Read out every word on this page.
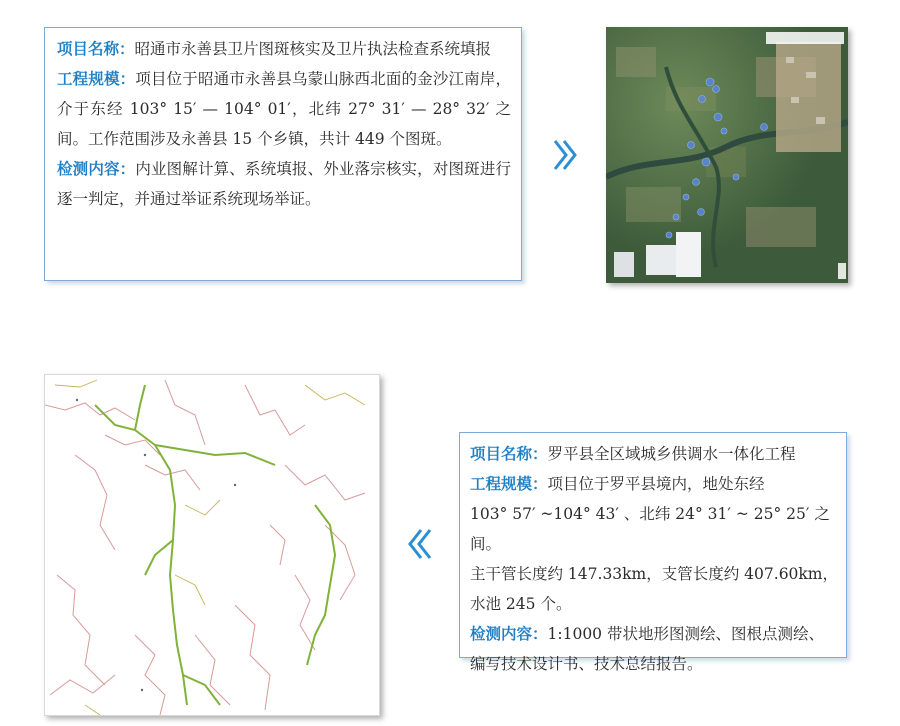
项目名称：昭通市永善县卫片图斑核实及卫片执法检查系统填报

工程规模：项目位于昭通市永善县乌蒙山脉西北面的金沙江南岸，介于东经 103° 15′ — 104° 01′，北纬 27° 31′ — 28° 32′ 之间。工作范围涉及永善县 15 个乡镇，共计 449 个图斑。

检测内容：内业图解计算、系统填报、外业落宗核实，对图斑进行逐一判定，并通过举证系统现场举证。

项目名称：罗平县全区域城乡供调水一体化工程

工程规模：项目位于罗平县境内，地处东经

103° 57′ ~104° 43′ 、北纬 24° 31′ ~ 25° 25′ 之间。

主干管长度约 147.33km，支管长度约 407.60km，

水池 245 个。

检测内容：1:1000 带状地形图测绘、图根点测绘、

编写技术设计书、技术总结报告。
